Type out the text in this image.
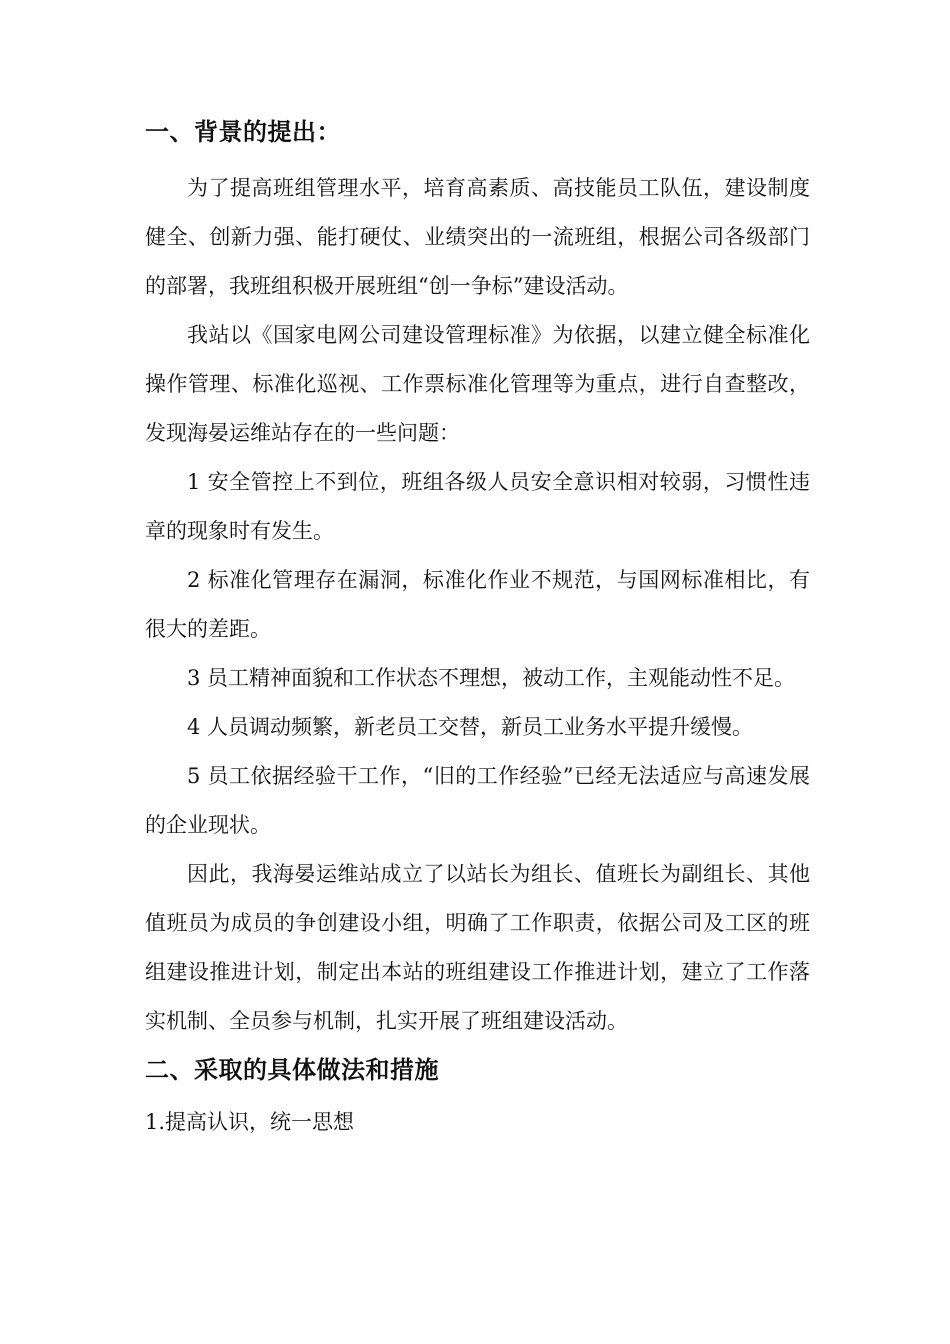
一、背景的提出：

为了提高班组管理水平，培育高素质、高技能员工队伍，建设制度健全、创新力强、能打硬仗、业绩突出的一流班组，根据公司各级部门的部署，我班组积极开展班组“创一争标”建设活动。

我站以《国家电网公司建设管理标准》为依据，以建立健全标准化操作管理、标准化巡视、工作票标准化管理等为重点，进行自查整改，发现海晏运维站存在的一些问题：

1 安全管控上不到位，班组各级人员安全意识相对较弱，习惯性违章的现象时有发生。

2 标准化管理存在漏洞，标准化作业不规范，与国网标准相比，有很大的差距。

3 员工精神面貌和工作状态不理想，被动工作，主观能动性不足。

4 人员调动频繁，新老员工交替，新员工业务水平提升缓慢。

5 员工依据经验干工作，“旧的工作经验”已经无法适应与高速发展的企业现状。

因此，我海晏运维站成立了以站长为组长、值班长为副组长、其他值班员为成员的争创建设小组，明确了工作职责，依据公司及工区的班组建设推进计划，制定出本站的班组建设工作推进计划，建立了工作落实机制、全员参与机制，扎实开展了班组建设活动。

二、采取的具体做法和措施

1.提高认识，统一思想
